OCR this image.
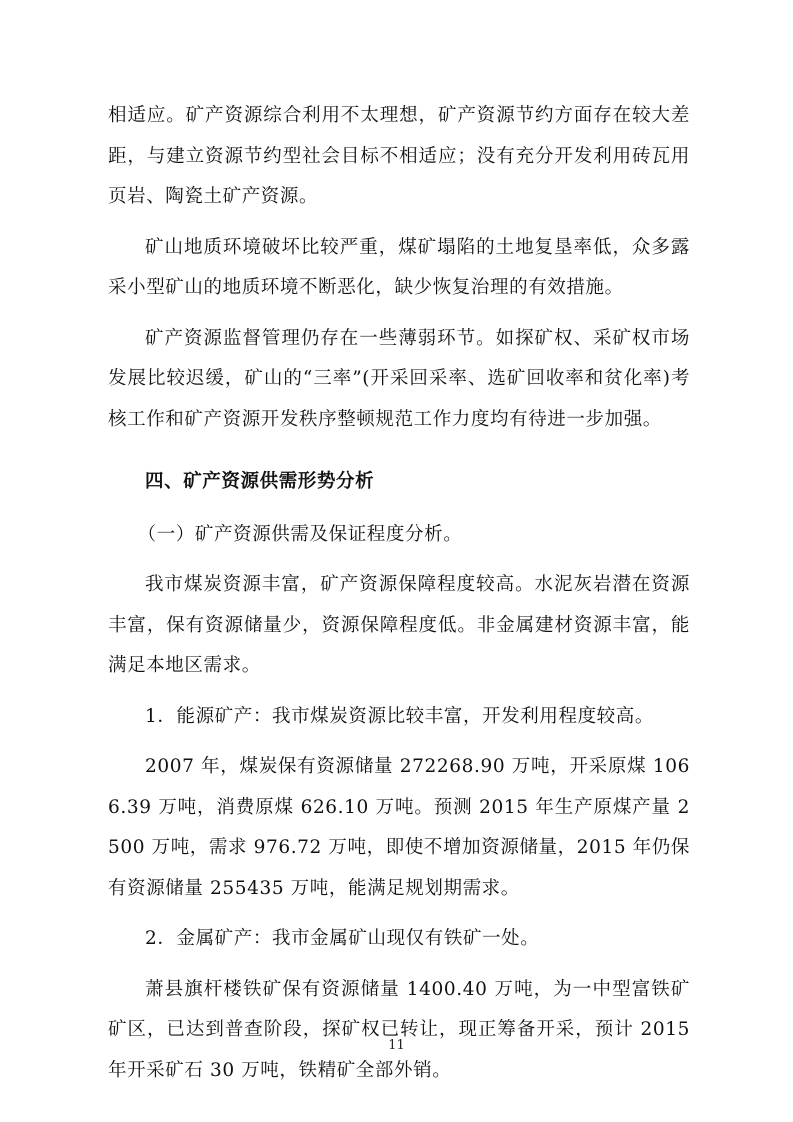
相适应。矿产资源综合利用不太理想，矿产资源节约方面存在较大差距，与建立资源节约型社会目标不相适应；没有充分开发利用砖瓦用页岩、陶瓷土矿产资源。

矿山地质环境破坏比较严重，煤矿塌陷的土地复垦率低，众多露采小型矿山的地质环境不断恶化，缺少恢复治理的有效措施。

矿产资源监督管理仍存在一些薄弱环节。如探矿权、采矿权市场发展比较迟缓，矿山的“三率”(开采回采率、选矿回收率和贫化率)考核工作和矿产资源开发秩序整顿规范工作力度均有待进一步加强。

四、矿产资源供需形势分析

（一）矿产资源供需及保证程度分析。

我市煤炭资源丰富，矿产资源保障程度较高。水泥灰岩潜在资源丰富，保有资源储量少，资源保障程度低。非金属建材资源丰富，能满足本地区需求。

1．能源矿产：我市煤炭资源比较丰富，开发利用程度较高。

2007 年，煤炭保有资源储量 272268.90 万吨，开采原煤 1066.39 万吨，消费原煤 626.10 万吨。预测 2015 年生产原煤产量 2500 万吨，需求 976.72 万吨，即使不增加资源储量，2015 年仍保有资源储量 255435 万吨，能满足规划期需求。

2．金属矿产：我市金属矿山现仅有铁矿一处。

萧县旗杆楼铁矿保有资源储量 1400.40 万吨，为一中型富铁矿矿区，已达到普查阶段，探矿权已转让，现正筹备开采，预计 2015 年开采矿石 30 万吨，铁精矿全部外销。

11
